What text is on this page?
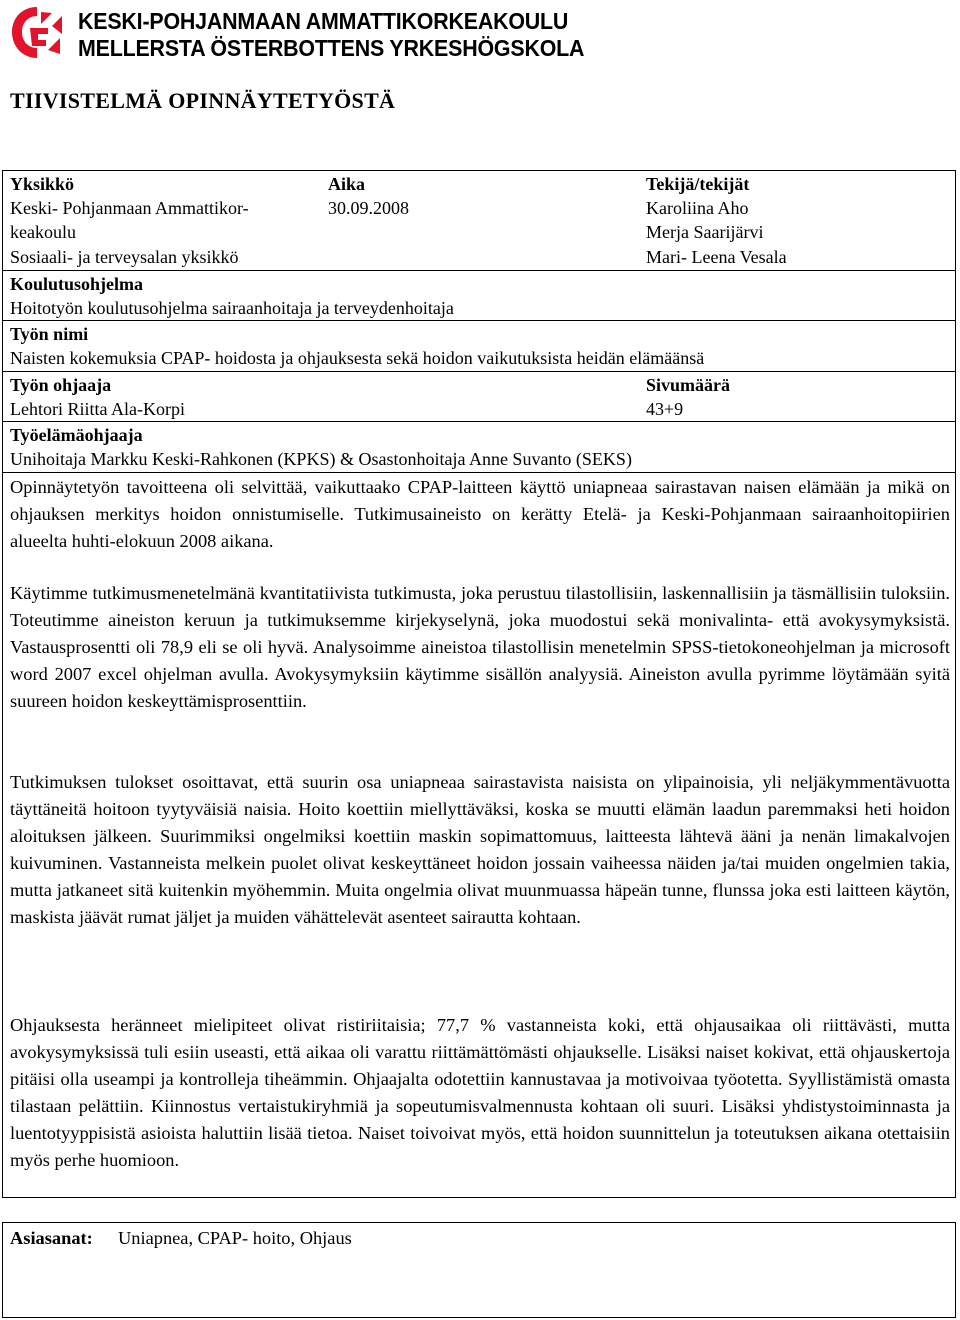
KESKI-POHJANMAAN AMMATTIKORKEAKOULU
MELLERSTA ÖSTERBOTTENS YRKESHÖGSKOLA
TIIVISTELMÄ OPINNÄYTETYÖSTÄ
Yksikkö
Keski- Pohjanmaan Ammattikor-
keakoulu
Sosiaali- ja terveysalan yksikkö
Aika
30.09.2008
Tekijä/tekijät
Karoliina Aho
Merja Saarijärvi
Mari- Leena Vesala
Koulutusohjelma
Hoitotyön koulutusohjelma sairaanhoitaja ja terveydenhoitaja
Työn nimi
Naisten kokemuksia CPAP- hoidosta ja ohjauksesta sekä hoidon vaikutuksista heidän elämäänsä
Työn ohjaaja
Lehtori Riitta Ala-Korpi
Sivumäärä
43+9
Työelämäohjaaja
Unihoitaja Markku Keski-Rahkonen (KPKS) & Osastonhoitaja Anne Suvanto (SEKS)

Opinnäytetyön tavoitteena oli selvittää, vaikuttaako CPAP-laitteen käyttö uniapneaa sairastavan naisen elämään ja mikä on ohjauksen merkitys hoidon onnistumiselle. Tutkimusaineisto on kerätty Etelä- ja Keski-Pohjanmaan sairaanhoitopiirien alueelta huhti-elokuun 2008 aikana.

Käytimme tutkimusmenetelmänä kvantitatiivista tutkimusta, joka perustuu tilastollisiin, laskennallisiin ja täsmällisiin tuloksiin. Toteutimme aineiston keruun ja tutkimuksemme kirjekyselynä, joka muodostui sekä monivalinta- että avokysymyksistä. Vastausprosentti oli 78,9 eli se oli hyvä. Analysoimme aineistoa tilastollisin menetelmin SPSS-tietokoneohjelman ja microsoft word 2007 excel ohjelman avulla. Avokysymyksiin käytimme sisällön analyysiä. Aineiston avulla pyrimme löytämään syitä suureen hoidon keskeyttämisprosenttiin.

Tutkimuksen tulokset osoittavat, että suurin osa uniapneaa sairastavista naisista on ylipainoisia, yli neljäkymmentävuotta täyttäneitä hoitoon tyytyväisiä naisia. Hoito koettiin miellyttäväksi, koska se muutti elämän laadun paremmaksi heti hoidon aloituksen jälkeen. Suurimmiksi ongelmiksi koettiin maskin sopimattomuus, laitteesta lähtevä ääni ja nenän limakalvojen kuivuminen. Vastanneista melkein puolet olivat keskeyttäneet hoidon jossain vaiheessa näiden ja/tai muiden ongelmien takia, mutta jatkaneet sitä kuitenkin myöhemmin. Muita ongelmia olivat muunmuassa häpeän tunne, flunssa joka esti laitteen käytön, maskista jäävät rumat jäljet ja muiden vähättelevät asenteet sairautta kohtaan.

Ohjauksesta heränneet mielipiteet olivat ristiriitaisia; 77,7 % vastanneista koki, että ohjausaikaa oli riittävästi, mutta avokysymyksissä tuli esiin useasti, että aikaa oli varattu riittämättömästi ohjaukselle. Lisäksi naiset kokivat, että ohjauskertoja pitäisi olla useampi ja kontrolleja tiheämmin. Ohjaajalta odotettiin kannustavaa ja motivoivaa työotetta. Syyllistämistä omasta tilastaan pelättiin. Kiinnostus vertaistukiryhmiä ja sopeutumisvalmennusta kohtaan oli suuri. Lisäksi yhdistystoiminnasta ja luentotyyppisistä asioista haluttiin lisää tietoa. Naiset toivoivat myös, että hoidon suunnittelun ja toteutuksen aikana otettaisiin myös perhe huomioon.

Asiasanat: Uniapnea, CPAP- hoito, Ohjaus
